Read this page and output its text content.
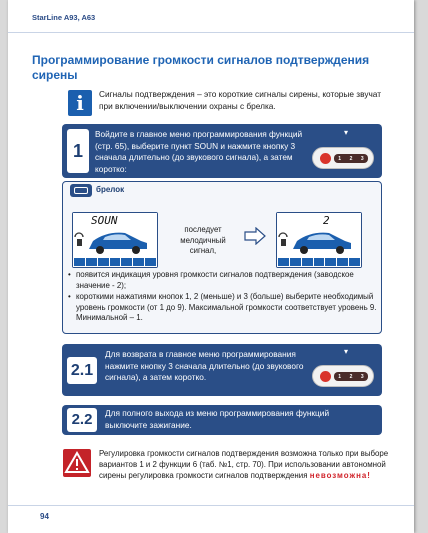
StarLine A93, A63
Программирование громкости сигналов подтверждения сирены
i	Сигналы подтверждения – это короткие сигналы сирены, которые звучат при включении/выключении охраны с брелка.
1
Войдите в главное меню программирования функций (стр. 65), выберите пункт SOUN и нажмите кнопку 3 сначала длительно (до звукового сигнала), а затем коротко:
▾
1 2 3
брелок
SOUN
последует мелодичный сигнал,
2
• появится индикация уровня громкости сигналов подтверждения (заводское значение - 2);
• короткими нажатиями кнопок 1, 2 (меньше) и 3 (больше) выберите необходимый уровень громкости (от 1 до 9). Максимальной громкости соответствует уровень 9. Минимальной – 1.
2.1
Для возврата в главное меню программирования нажмите кнопку 3 сначала длительно (до звукового сигнала), а затем коротко.
▾
1 2 3
2.2	Для полного выхода из меню программирования функций выключите зажигание.
Регулировка громкости сигналов подтверждения возможна только при выборе вариантов 1 и 2 функции 6 (таб. №1, стр. 70). При использовании автономной сирены регулировка громкости сигналов подтверждения невозможна!
94
